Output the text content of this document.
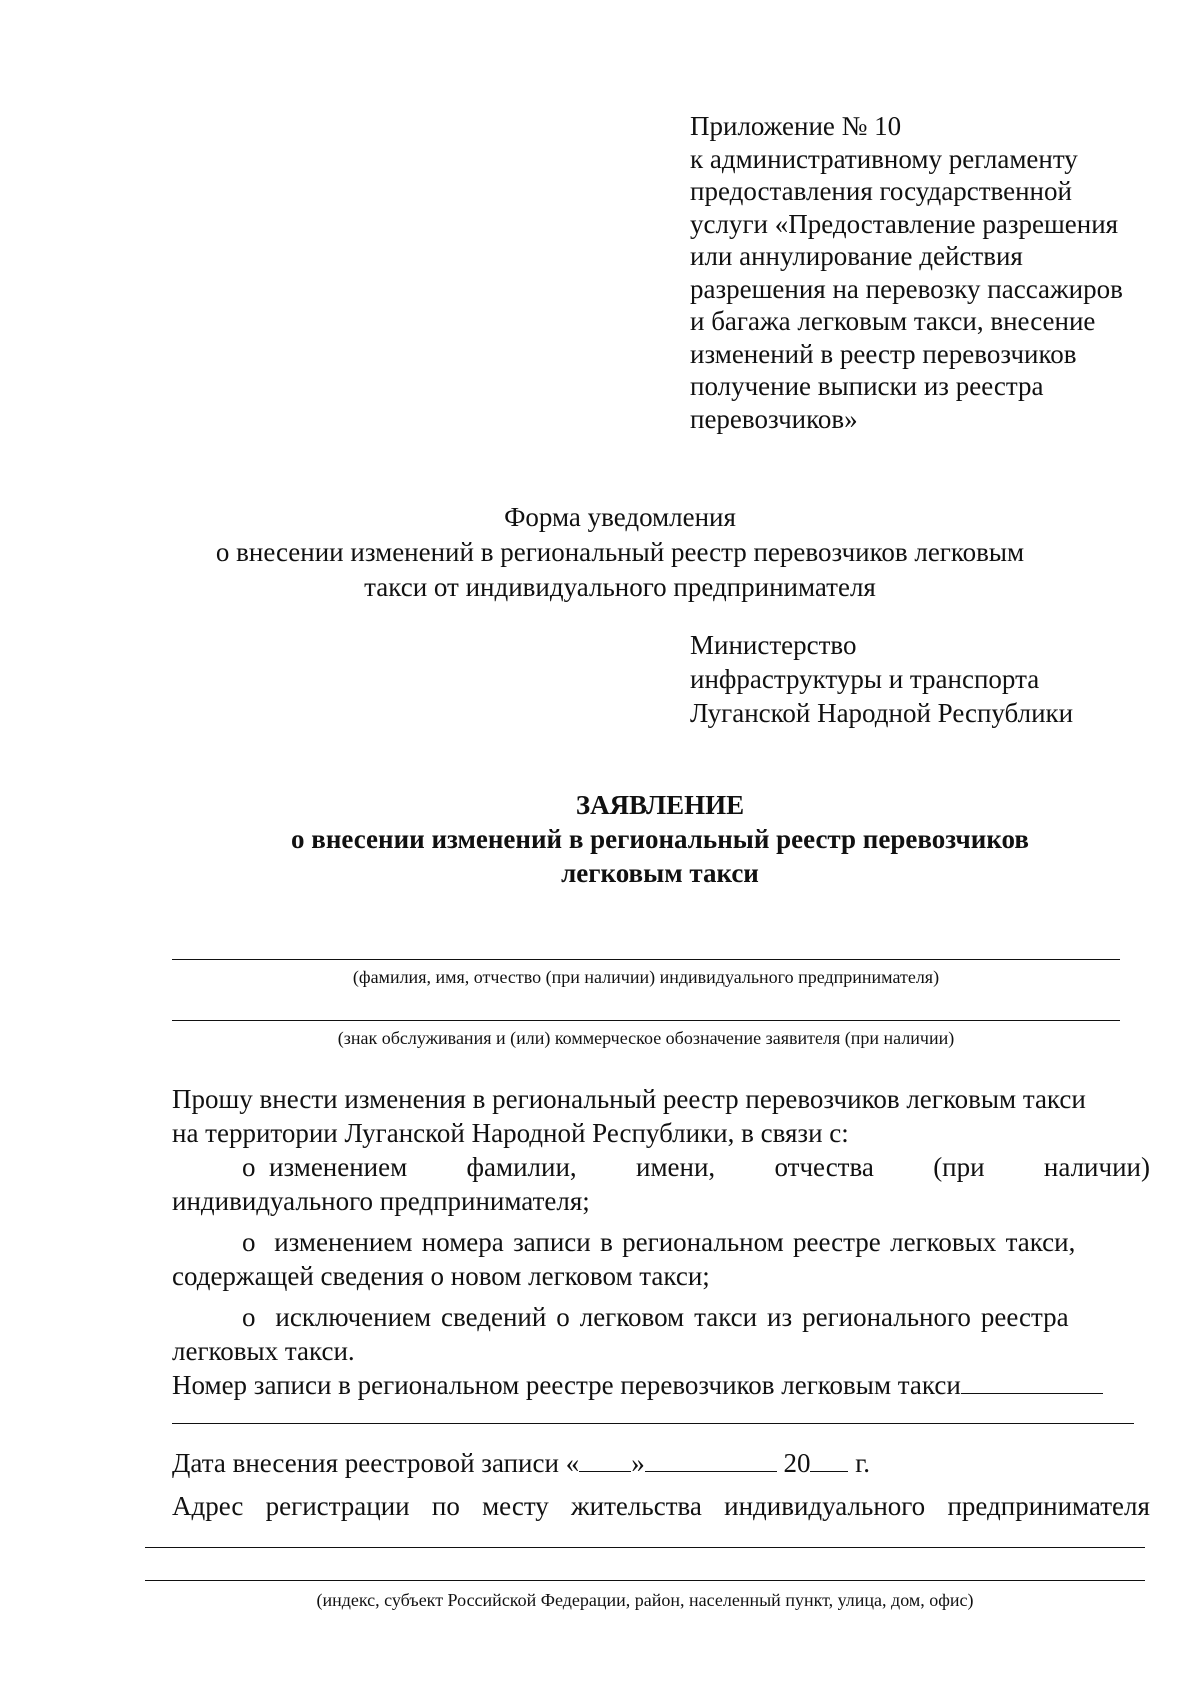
Приложение № 10
к административному регламенту
предоставления государственной
услуги «Предоставление разрешения
или аннулирование действия
разрешения на перевозку пассажиров
и багажа легковым такси, внесение
изменений в реестр перевозчиков
получение выписки из реестра
перевозчиков»
Форма уведомления
о внесении изменений в региональный реестр перевозчиков легковым
такси от индивидуального предпринимателя
Министерство
инфраструктуры и транспорта
Луганской Народной Республики
ЗАЯВЛЕНИЕ
о внесении изменений в региональный реестр перевозчиков
легковым такси
(фамилия, имя, отчество (при наличии) индивидуального предпринимателя)
(знак обслуживания и (или) коммерческое обозначение заявителя (при наличии)
Прошу внести изменения в региональный реестр перевозчиков легковым такси
на территории Луганской Народной Республики, в связи с:
o изменением фамилии, имени, отчества (при наличии)
индивидуального предпринимателя;
o изменением номера записи в региональном реестре легковых такси,
содержащей сведения о новом легковом такси;
o исключением сведений о легковом такси из регионального реестра
легковых такси.
Номер записи в региональном реестре перевозчиков легковым такси
Дата внесения реестровой записи « »	20 г.
Адрес регистрации по месту жительства индивидуального предпринимателя
(индекс, субъект Российской Федерации, район, населенный пункт, улица, дом, офис)
